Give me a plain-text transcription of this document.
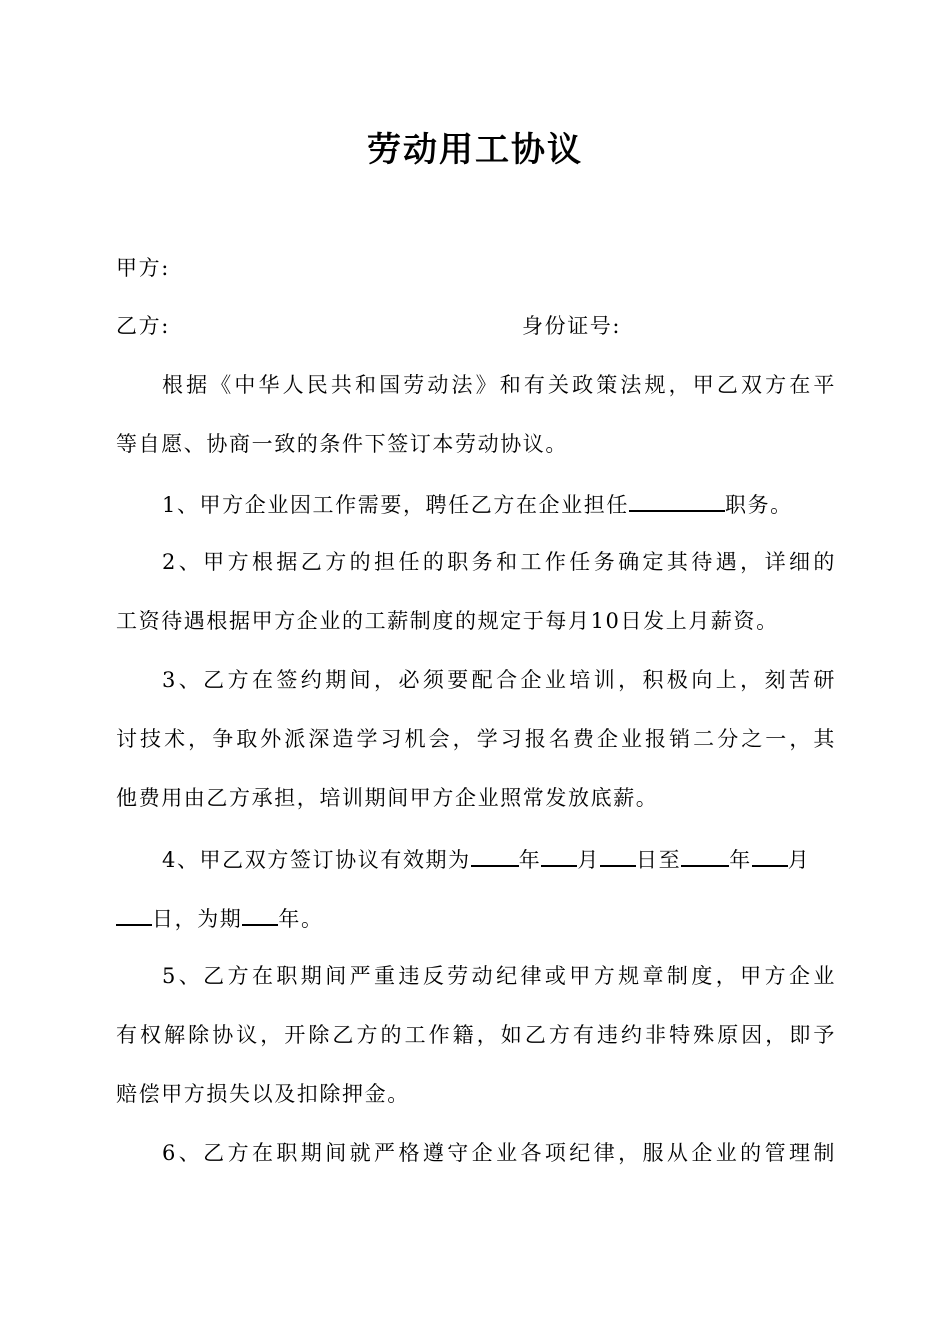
劳动用工协议
甲方:
乙方:	身份证号:
根据《中华人民共和国劳动法》和有关政策法规，甲乙双方在平
等自愿、协商一致的条件下签订本劳动协议。
1、甲方企业因工作需要，聘任乙方在企业担任	职务。
2、甲方根据乙方的担任的职务和工作任务确定其待遇，详细的
工资待遇根据甲方企业的工薪制度的规定于每月10日发上月薪资。
3、乙方在签约期间，必须要配合企业培训，积极向上，刻苦研
讨技术，争取外派深造学习机会，学习报名费企业报销二分之一，其
他费用由乙方承担，培训期间甲方企业照常发放底薪。
4、甲乙双方签订协议有效期为 年 月 日至 年 月
日，为期 年。
5、乙方在职期间严重违反劳动纪律或甲方规章制度，甲方企业
有权解除协议，开除乙方的工作籍，如乙方有违约非特殊原因，即予
赔偿甲方损失以及扣除押金。
6、乙方在职期间就严格遵守企业各项纪律，服从企业的管理制
